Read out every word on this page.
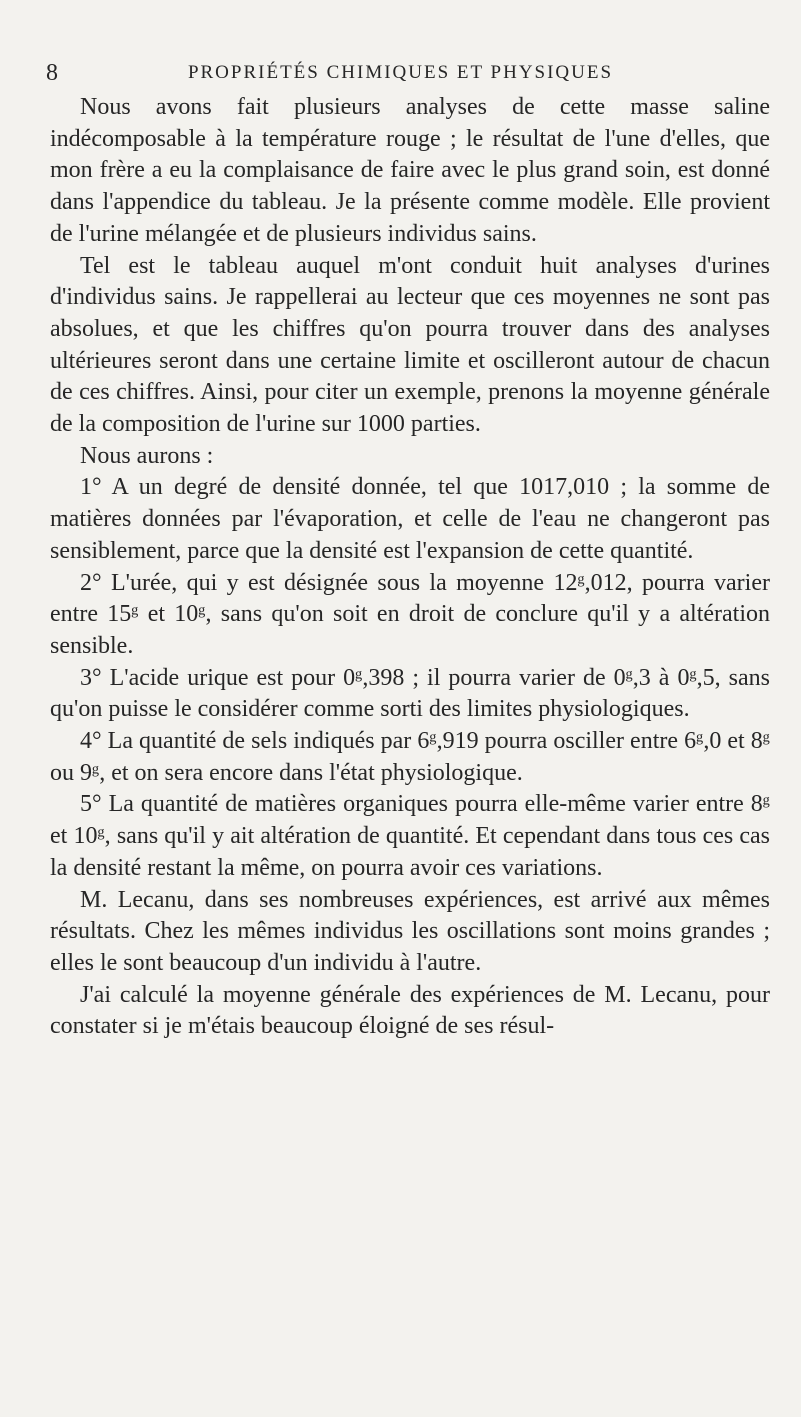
8	PROPRIÉTÉS CHIMIQUES ET PHYSIQUES

Nous avons fait plusieurs analyses de cette masse saline indécomposable à la température rouge ; le résultat de l'une d'elles, que mon frère a eu la complaisance de faire avec le plus grand soin, est donné dans l'appendice du tableau. Je la présente comme modèle. Elle provient de l'urine mélangée et de plusieurs individus sains.

Tel est le tableau auquel m'ont conduit huit analyses d'urines d'individus sains. Je rappellerai au lecteur que ces moyennes ne sont pas absolues, et que les chiffres qu'on pourra trouver dans des analyses ultérieures seront dans une certaine limite et oscilleront autour de chacun de ces chiffres. Ainsi, pour citer un exemple, prenons la moyenne générale de la composition de l'urine sur 1000 parties.

Nous aurons :

1° A un degré de densité donnée, tel que 1017,010 ; la somme de matières données par l'évaporation, et celle de l'eau ne changeront pas sensiblement, parce que la densité est l'expansion de cette quantité.

2° L'urée, qui y est désignée sous la moyenne 12ᵍ,012, pourra varier entre 15ᵍ et 10ᵍ, sans qu'on soit en droit de conclure qu'il y a altération sensible.

3° L'acide urique est pour 0ᵍ,398 ; il pourra varier de 0ᵍ,3 à 0ᵍ,5, sans qu'on puisse le considérer comme sorti des limites physiologiques.

4° La quantité de sels indiqués par 6ᵍ,919 pourra osciller entre 6ᵍ,0 et 8ᵍ ou 9ᵍ, et on sera encore dans l'état physiologique.

5° La quantité de matières organiques pourra elle-même varier entre 8ᵍ et 10ᵍ, sans qu'il y ait altération de quantité. Et cependant dans tous ces cas la densité restant la même, on pourra avoir ces variations.

M. Lecanu, dans ses nombreuses expériences, est arrivé aux mêmes résultats. Chez les mêmes individus les oscillations sont moins grandes ; elles le sont beaucoup d'un individu à l'autre.

J'ai calculé la moyenne générale des expériences de M. Lecanu, pour constater si je m'étais beaucoup éloigné de ses résul-
